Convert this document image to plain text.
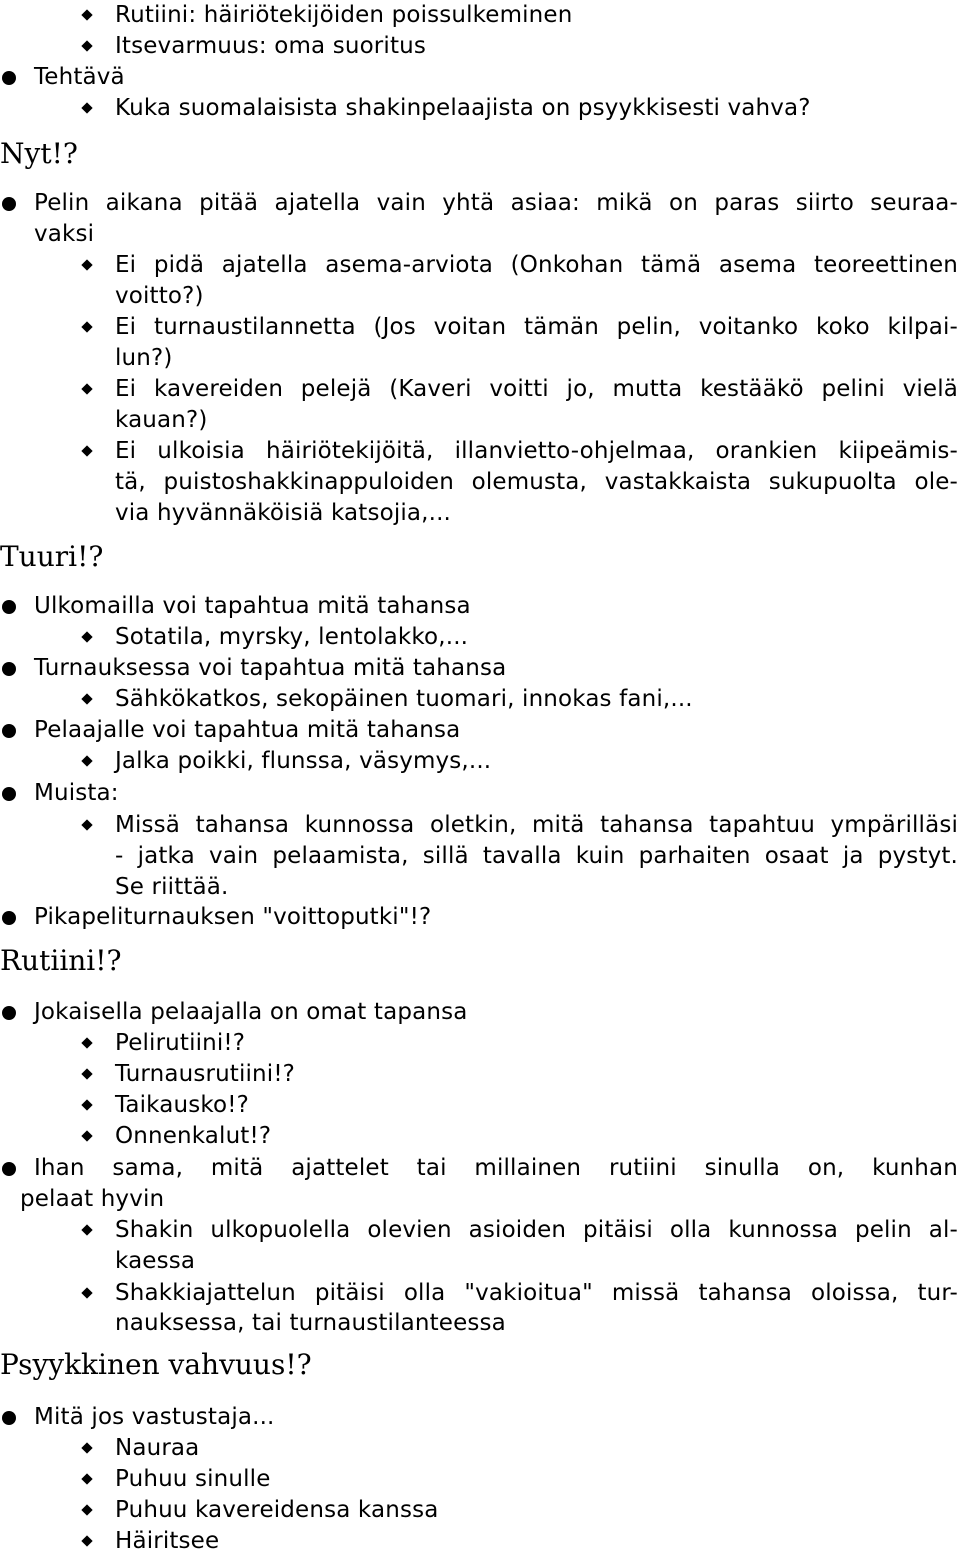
Rutiini: häiriötekijöiden poissulkeminen
Itsevarmuus: oma suoritus
Tehtävä
Kuka suomalaisista shakinpelaajista on psyykkisesti vahva?
Nyt!?
Pelin aikana pitää ajatella vain yhtä asiaa: mikä on paras siirto seuraa-
vaksi
Ei pidä ajatella asema-arviota (Onkohan tämä asema teoreettinen
voitto?)
Ei turnaustilannetta (Jos voitan tämän pelin, voitanko koko kilpai-
lun?)
Ei kavereiden pelejä (Kaveri voitti jo, mutta kestääkö pelini vielä
kauan?)
Ei ulkoisia häiriötekijöitä, illanvietto-ohjelmaa, orankien kiipeämis-
tä, puistoshakkinappuloiden olemusta, vastakkaista sukupuolta ole-
via hyvännäköisiä katsojia,...
Tuuri!?
Ulkomailla voi tapahtua mitä tahansa
Sotatila, myrsky, lentolakko,...
Turnauksessa voi tapahtua mitä tahansa
Sähkökatkos, sekopäinen tuomari, innokas fani,...
Pelaajalle voi tapahtua mitä tahansa
Jalka poikki, flunssa, väsymys,...
Muista:
Missä tahansa kunnossa oletkin, mitä tahansa tapahtuu ympärilläsi
- jatka vain pelaamista, sillä tavalla kuin parhaiten osaat ja pystyt.
Se riittää.
Pikapeliturnauksen "voittoputki"!?
Rutiini!?
Jokaisella pelaajalla on omat tapansa
Pelirutiini!?
Turnausrutiini!?
Taikausko!?
Onnenkalut!?
Ihan sama, mitä ajattelet tai millainen rutiini sinulla on, kunhan
pelaat hyvin
Shakin ulkopuolella olevien asioiden pitäisi olla kunnossa pelin al-
kaessa
Shakkiajattelun pitäisi olla "vakioitua" missä tahansa oloissa, tur-
nauksessa, tai turnaustilanteessa
Psyykkinen vahvuus!?
Mitä jos vastustaja...
Nauraa
Puhuu sinulle
Puhuu kavereidensa kanssa
Häiritsee
